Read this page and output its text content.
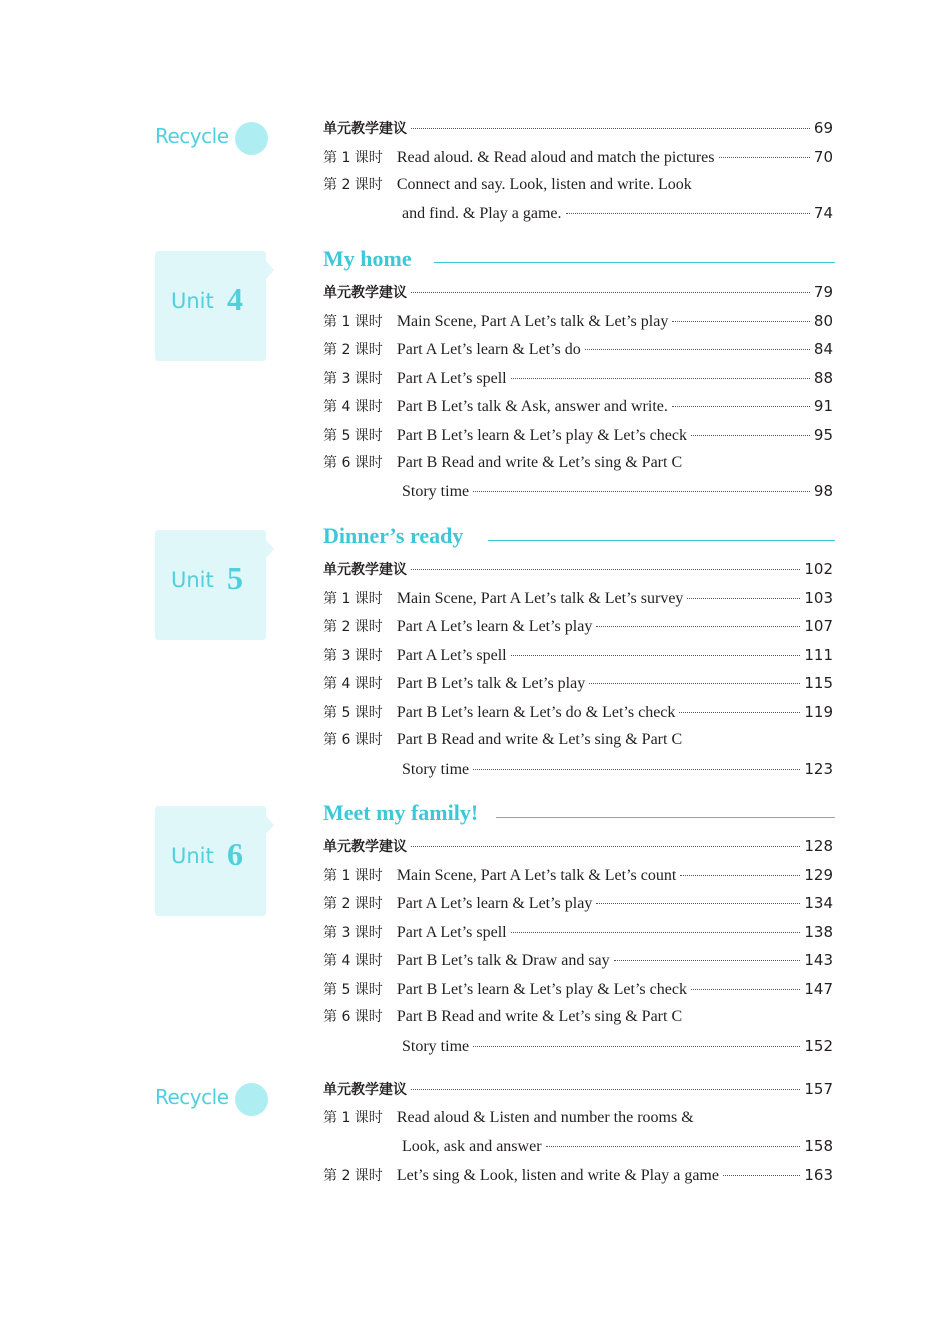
Recycle
Unit 4
Unit 5
Unit 6
Recycle
My home
Dinner’s ready
Meet my family!
单元教学建议	69
第 1 课时 Read aloud. & Read aloud and match the pictures	70
第 2 课时 Connect and say. Look, listen and write. Look
and find. & Play a game.	74
单元教学建议	79
第 1 课时 Main Scene, Part A Let’s talk & Let’s play	80
第 2 课时 Part A Let’s learn & Let’s do	84
第 3 课时 Part A Let’s spell	88
第 4 课时 Part B Let’s talk & Ask, answer and write.	91
第 5 课时 Part B Let’s learn & Let’s play & Let’s check	95
第 6 课时 Part B Read and write & Let’s sing & Part C
Story time	98
单元教学建议	102
第 1 课时 Main Scene, Part A Let’s talk & Let’s survey	103
第 2 课时 Part A Let’s learn & Let’s play	107
第 3 课时 Part A Let’s spell	111
第 4 课时 Part B Let’s talk & Let’s play	115
第 5 课时 Part B Let’s learn & Let’s do & Let’s check	119
第 6 课时 Part B Read and write & Let’s sing & Part C
Story time	123
单元教学建议	128
第 1 课时 Main Scene, Part A Let’s talk & Let’s count	129
第 2 课时 Part A Let’s learn & Let’s play	134
第 3 课时 Part A Let’s spell	138
第 4 课时 Part B Let’s talk & Draw and say	143
第 5 课时 Part B Let’s learn & Let’s play & Let’s check	147
第 6 课时 Part B Read and write & Let’s sing & Part C
Story time	152
单元教学建议	157
第 1 课时 Read aloud & Listen and number the rooms &
Look, ask and answer	158
第 2 课时 Let’s sing & Look, listen and write & Play a game	163
